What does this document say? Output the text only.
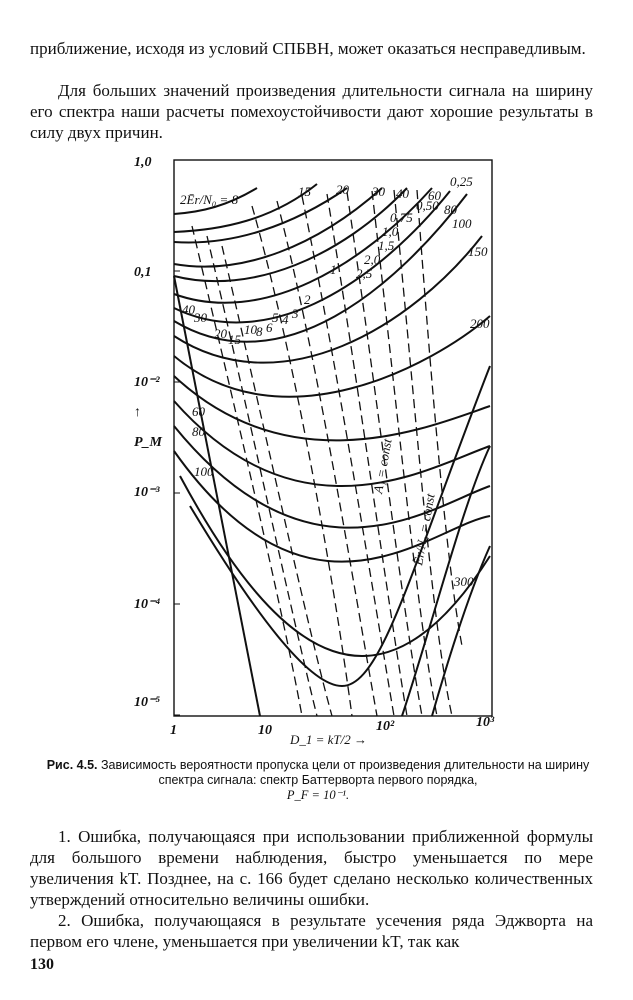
приближение, исходя из условий СПБВН, может оказаться несправедливым.

Для больших значений произведения длительности сигнала на ширину его спектра наши расчеты помехоустойчивости дают хорошие результаты в силу двух причин.

1,0
0,1
10⁻²
10⁻³
10⁻⁴
10⁻⁵
↑
P_M
1	10	10²	10³
D_1 = kT/2 →
2Ēr/N₀ = 8
15 20 30 40 60
80
100
150
200
300
0,25
0,50
0,75
1,0
1,5
2,0
2,5
40
30
20 15
10 8 6
5 4 3
2
1
60
80
100	A₁ = const
Ēr/N₀ = const

Рис. 4.5. Зависимость вероятности пропуска цели от произведения длительности на ширину спектра сигнала: спектр Баттерворта первого порядка,
P_F = 10⁻¹.

1. Ошибка, получающаяся при использовании приближенной формулы для большого времени наблюдения, быстро уменьшается по мере увеличения kT. Позднее, на с. 166 будет сделано несколько количественных утверждений относительно величины ошибки.

2. Ошибка, получающаяся в результате усечения ряда Эджворта на первом его члене, уменьшается при увеличении kT, так как

130
